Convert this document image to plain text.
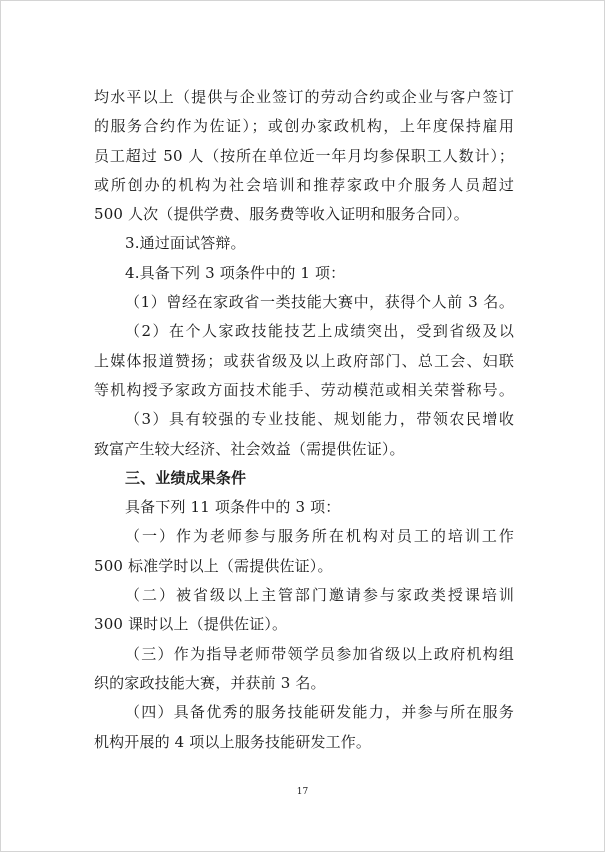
均水平以上（提供与企业签订的劳动合约或企业与客户签订
的服务合约作为佐证）；或创办家政机构，上年度保持雇用
员工超过 50 人（按所在单位近一年月均参保职工人数计）；
或所创办的机构为社会培训和推荐家政中介服务人员超过
500 人次（提供学费、服务费等收入证明和服务合同）。
3.通过面试答辩。
4.具备下列 3 项条件中的 1 项：
（1）曾经在家政省一类技能大赛中，获得个人前 3 名。
（2）在个人家政技能技艺上成绩突出，受到省级及以
上媒体报道赞扬；或获省级及以上政府部门、总工会、妇联
等机构授予家政方面技术能手、劳动模范或相关荣誉称号。
（3）具有较强的专业技能、规划能力，带领农民增收
致富产生较大经济、社会效益（需提供佐证）。
三、业绩成果条件
具备下列 11 项条件中的 3 项：
（一）作为老师参与服务所在机构对员工的培训工作
500 标准学时以上（需提供佐证）。
（二）被省级以上主管部门邀请参与家政类授课培训
300 课时以上（提供佐证）。
（三）作为指导老师带领学员参加省级以上政府机构组
织的家政技能大赛，并获前 3 名。
（四）具备优秀的服务技能研发能力，并参与所在服务
机构开展的 4 项以上服务技能研发工作。
17
